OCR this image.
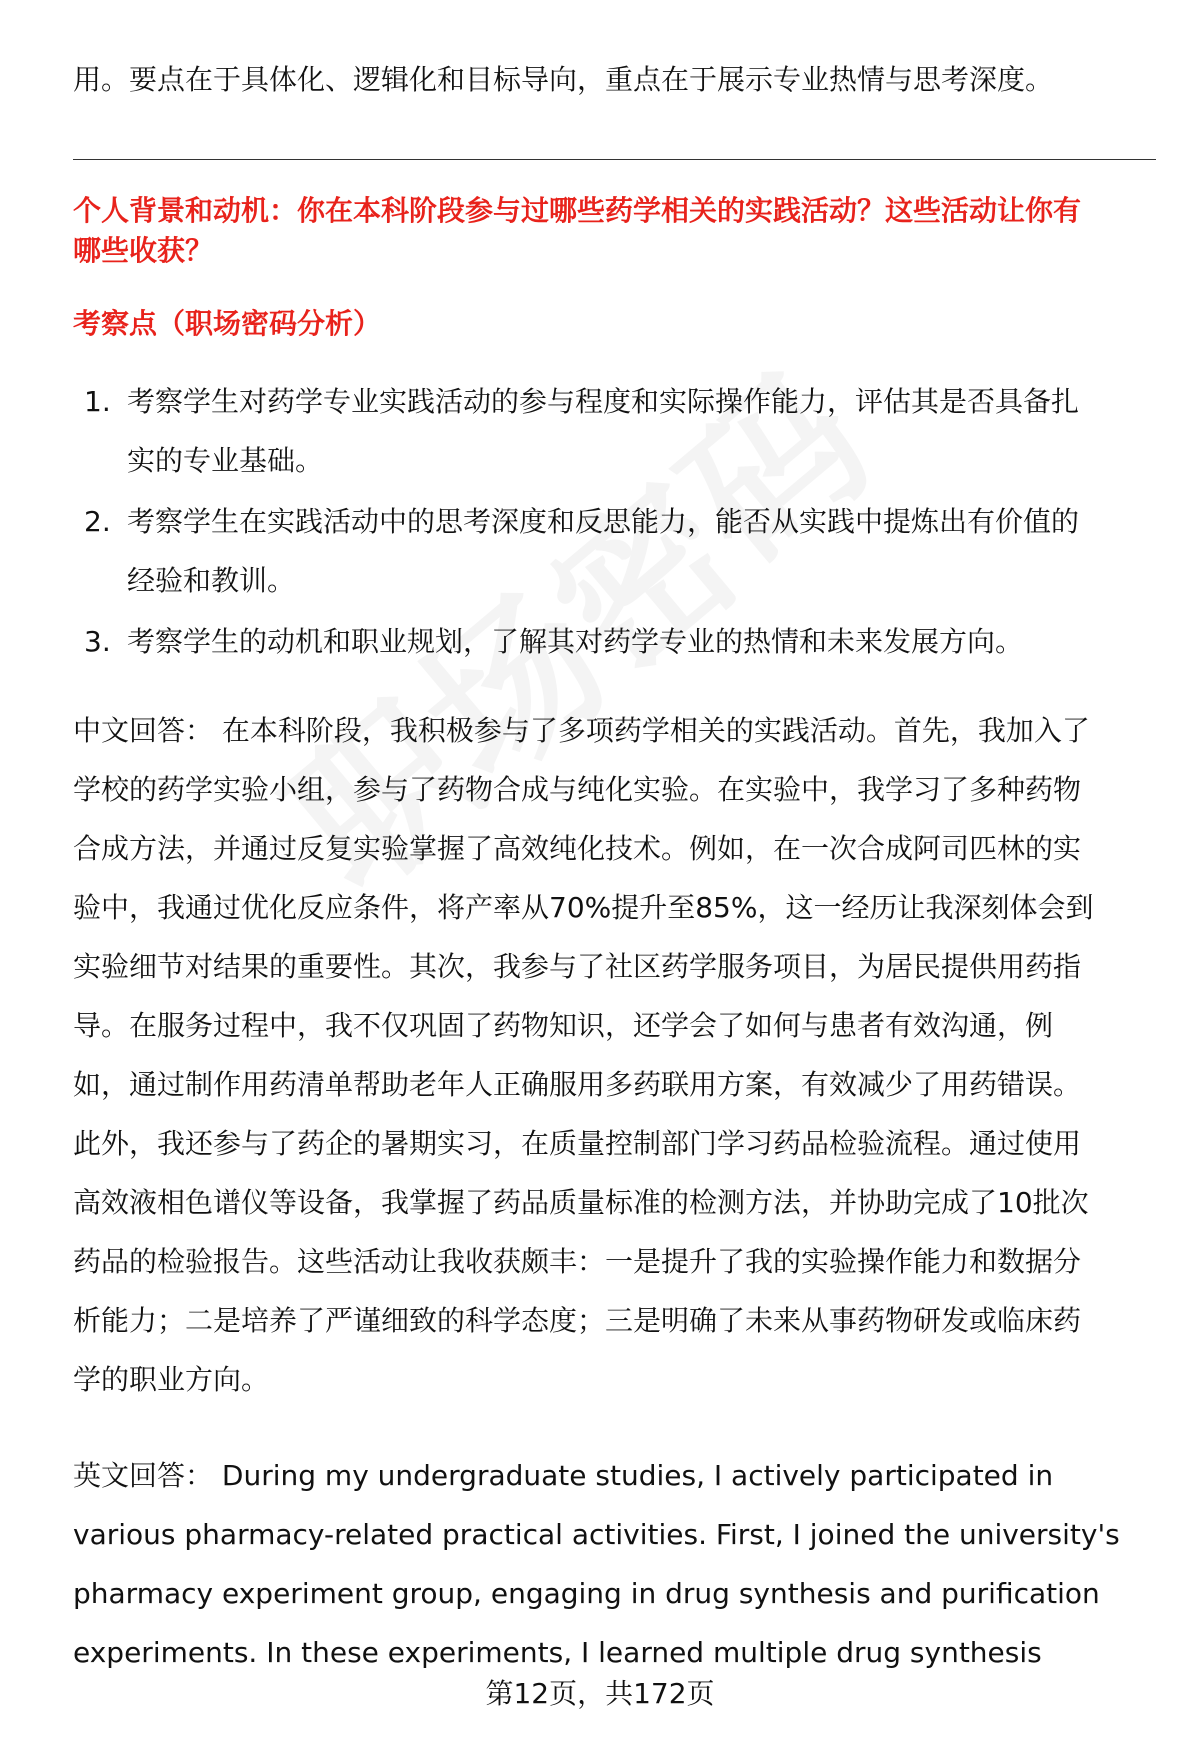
用。要点在于具体化、逻辑化和目标导向，重点在于展示专业热情与思考深度。
个人背景和动机：你在本科阶段参与过哪些药学相关的实践活动？这些活动让你有
哪些收获？
考察点（职场密码分析）
1. 考察学生对药学专业实践活动的参与程度和实际操作能力，评估其是否具备扎
实的专业基础。
2. 考察学生在实践活动中的思考深度和反思能力，能否从实践中提炼出有价值的
经验和教训。
3. 考察学生的动机和职业规划，了解其对药学专业的热情和未来发展方向。
中文回答： 在本科阶段，我积极参与了多项药学相关的实践活动。首先，我加入了
学校的药学实验小组，参与了药物合成与纯化实验。在实验中，我学习了多种药物
合成方法，并通过反复实验掌握了高效纯化技术。例如，在一次合成阿司匹林的实
验中，我通过优化反应条件，将产率从70%提升至85%，这一经历让我深刻体会到
实验细节对结果的重要性。其次，我参与了社区药学服务项目，为居民提供用药指
导。在服务过程中，我不仅巩固了药物知识，还学会了如何与患者有效沟通，例
如，通过制作用药清单帮助老年人正确服用多药联用方案，有效减少了用药错误。
此外，我还参与了药企的暑期实习，在质量控制部门学习药品检验流程。通过使用
高效液相色谱仪等设备，我掌握了药品质量标准的检测方法，并协助完成了10批次
药品的检验报告。这些活动让我收获颇丰：一是提升了我的实验操作能力和数据分
析能力；二是培养了严谨细致的科学态度；三是明确了未来从事药物研发或临床药
学的职业方向。
英文回答： During my undergraduate studies, I actively participated in
various pharmacy-related practical activities. First, I joined the university's
pharmacy experiment group, engaging in drug synthesis and purification
experiments. In these experiments, I learned multiple drug synthesis
第12页，共172页
